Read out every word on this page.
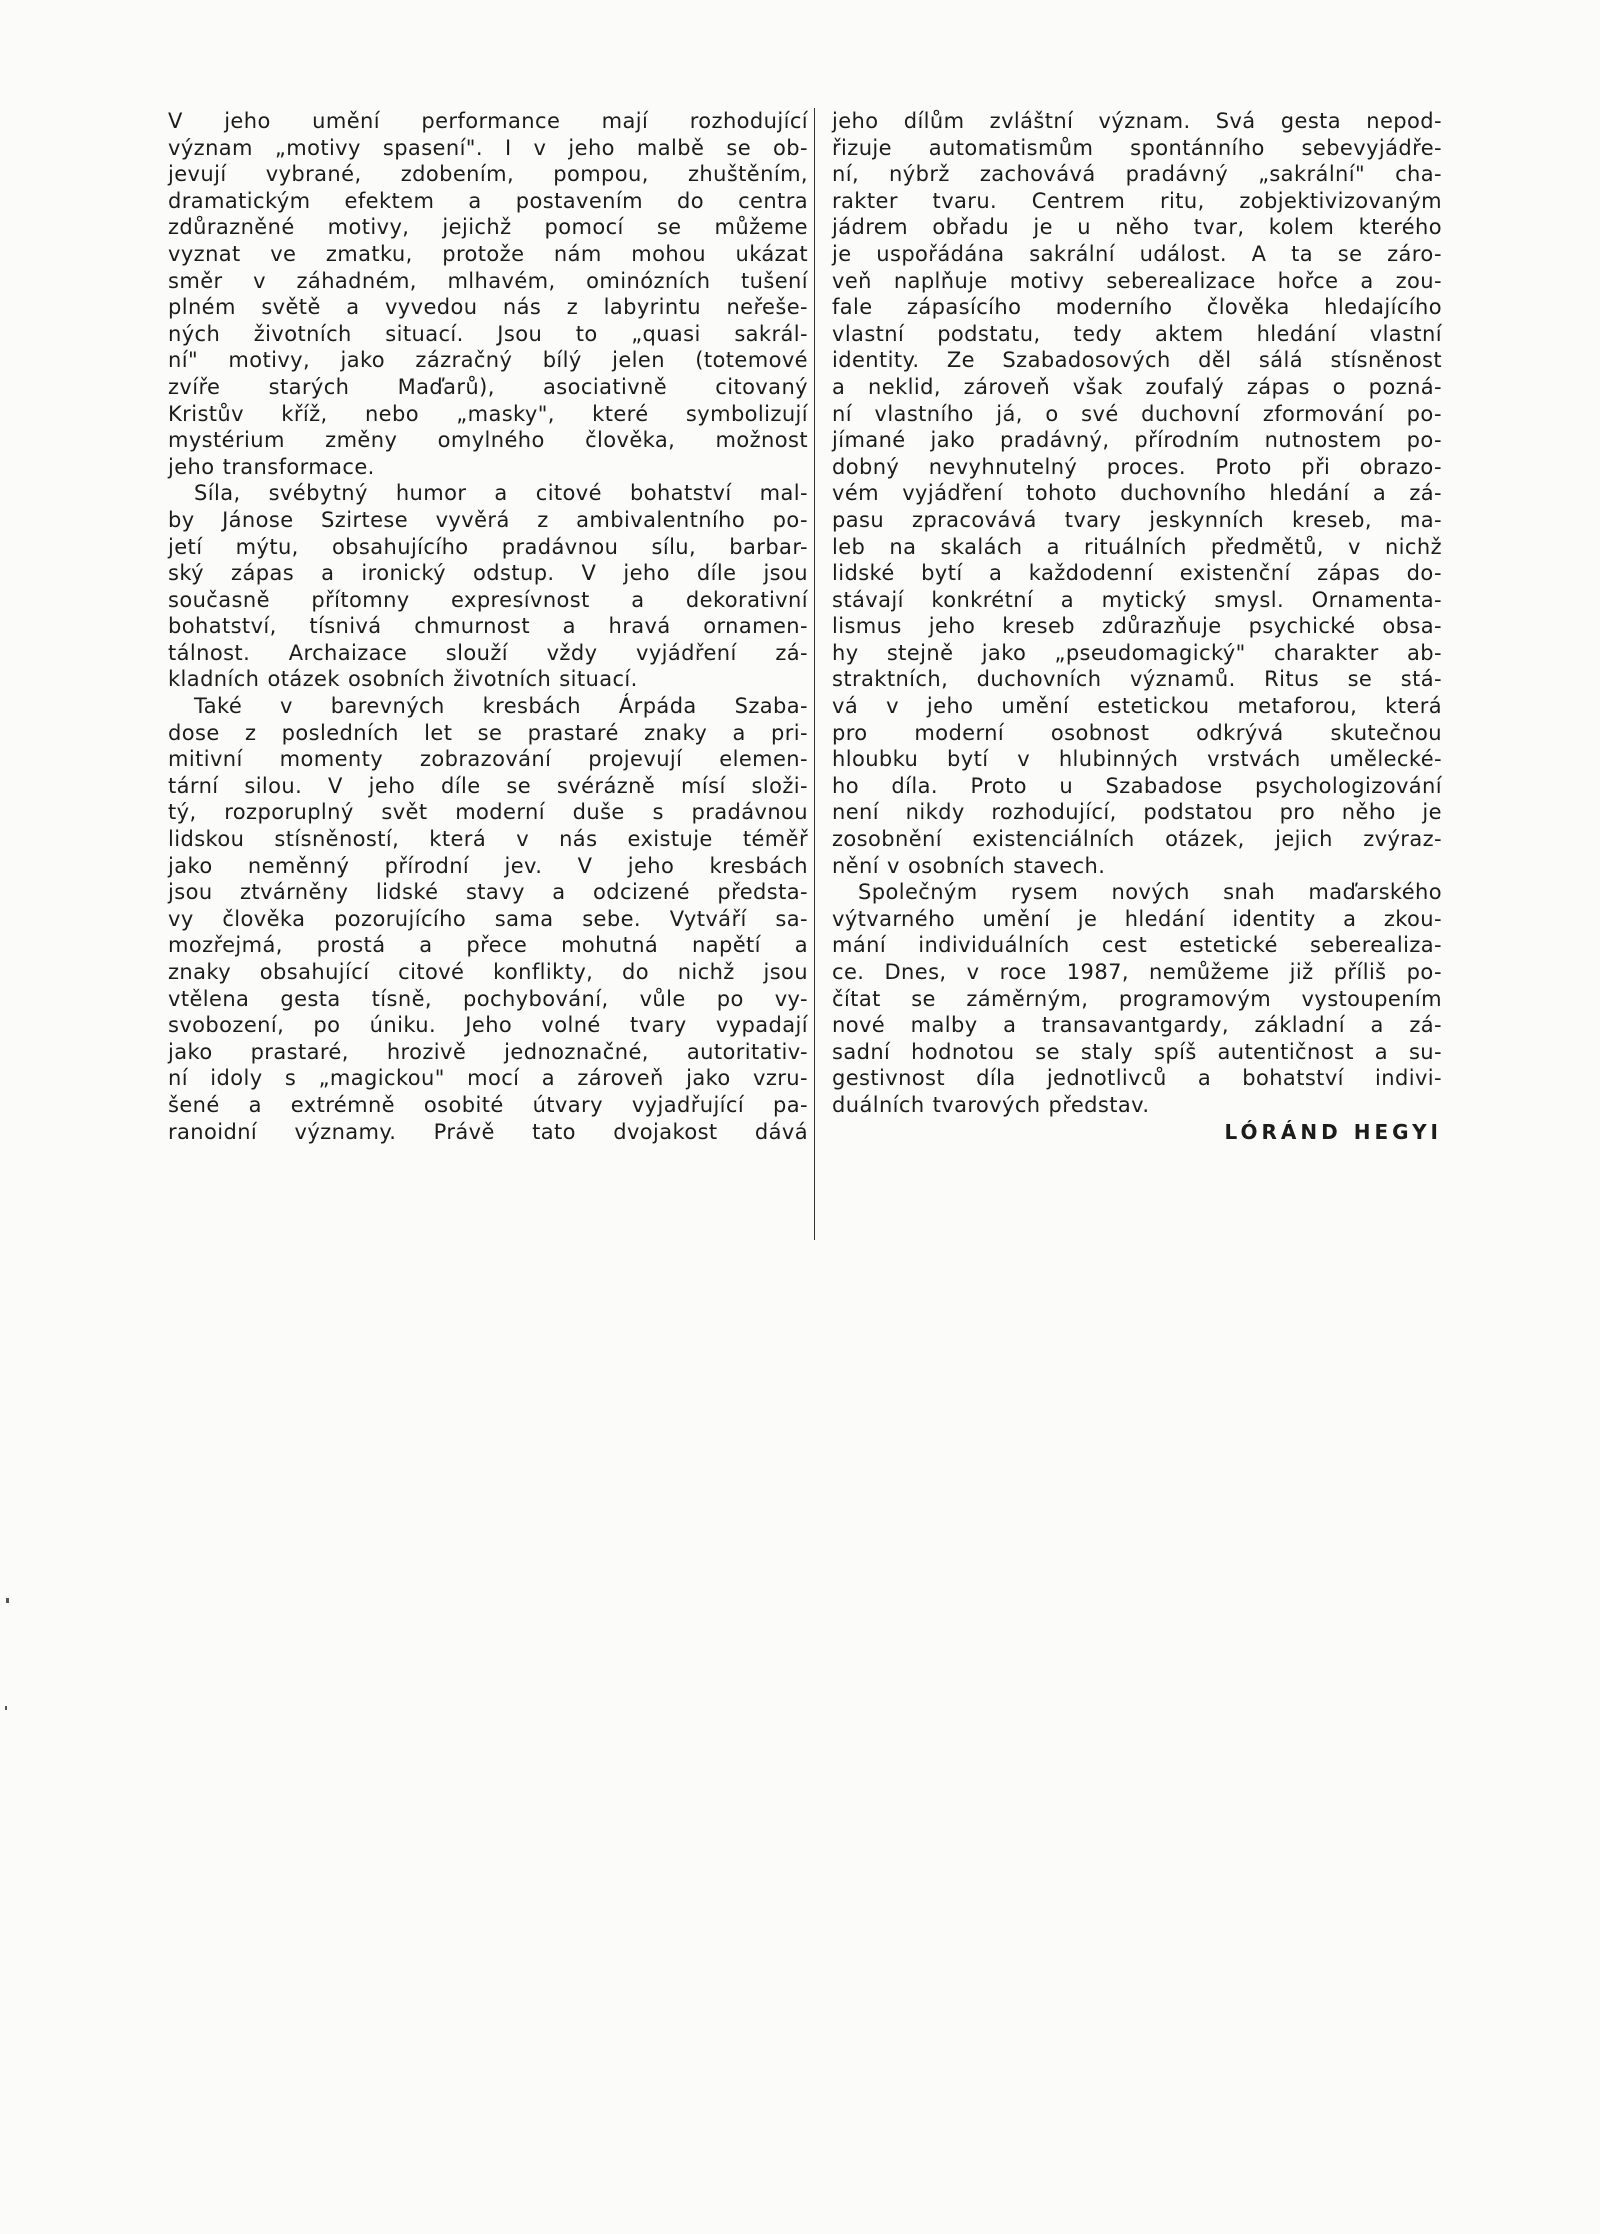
V jeho umění performance mají rozhodující
význam „motivy spasení". I v jeho malbě se ob-
jevují vybrané, zdobením, pompou, zhuštěním,
dramatickým efektem a postavením do centra
zdůrazněné motivy, jejichž pomocí se můžeme
vyznat ve zmatku, protože nám mohou ukázat
směr v záhadném, mlhavém, ominózních tušení
plném světě a vyvedou nás z labyrintu neřeše-
ných životních situací. Jsou to „quasi sakrál-
ní" motivy, jako zázračný bílý jelen (totemové
zvíře starých Maďarů), asociativně citovaný
Kristův kříž, nebo „masky", které symbolizují
mystérium změny omylného člověka, možnost
jeho transformace.
Síla, svébytný humor a citové bohatství mal-
by Jánose Szirtese vyvěrá z ambivalentního po-
jetí mýtu, obsahujícího pradávnou sílu, barbar-
ský zápas a ironický odstup. V jeho díle jsou
současně přítomny expresívnost a dekorativní
bohatství, tísnivá chmurnost a hravá ornamen-
tálnost. Archaizace slouží vždy vyjádření zá-
kladních otázek osobních životních situací.
Také v barevných kresbách Árpáda Szaba-
dose z posledních let se prastaré znaky a pri-
mitivní momenty zobrazování projevují elemen-
tární silou. V jeho díle se svérázně mísí složi-
tý, rozporuplný svět moderní duše s pradávnou
lidskou stísněností, která v nás existuje téměř
jako neměnný přírodní jev. V jeho kresbách
jsou ztvárněny lidské stavy a odcizené předsta-
vy člověka pozorujícího sama sebe. Vytváří sa-
mozřejmá, prostá a přece mohutná napětí a
znaky obsahující citové konflikty, do nichž jsou
vtělena gesta tísně, pochybování, vůle po vy-
svobození, po úniku. Jeho volné tvary vypadají
jako prastaré, hrozivě jednoznačné, autoritativ-
ní idoly s „magickou" mocí a zároveň jako vzru-
šené a extrémně osobité útvary vyjadřující pa-
ranoidní významy. Právě tato dvojakost dává
jeho dílům zvláštní význam. Svá gesta nepod-
řizuje automatismům spontánního sebevyjádře-
ní, nýbrž zachovává pradávný „sakrální" cha-
rakter tvaru. Centrem ritu, zobjektivizovaným
jádrem obřadu je u něho tvar, kolem kterého
je uspořádána sakrální událost. A ta se záro-
veň naplňuje motivy seberealizace hořce a zou-
fale zápasícího moderního člověka hledajícího
vlastní podstatu, tedy aktem hledání vlastní
identity. Ze Szabadosových děl sálá stísněnost
a neklid, zároveň však zoufalý zápas o pozná-
ní vlastního já, o své duchovní zformování po-
jímané jako pradávný, přírodním nutnostem po-
dobný nevyhnutelný proces. Proto při obrazo-
vém vyjádření tohoto duchovního hledání a zá-
pasu zpracovává tvary jeskynních kreseb, ma-
leb na skalách a rituálních předmětů, v nichž
lidské bytí a každodenní existenční zápas do-
stávají konkrétní a mytický smysl. Ornamenta-
lismus jeho kreseb zdůrazňuje psychické obsa-
hy stejně jako „pseudomagický" charakter ab-
straktních, duchovních významů. Ritus se stá-
vá v jeho umění estetickou metaforou, která
pro moderní osobnost odkrývá skutečnou
hloubku bytí v hlubinných vrstvách umělecké-
ho díla. Proto u Szabadose psychologizování
není nikdy rozhodující, podstatou pro něho je
zosobnění existenciálních otázek, jejich zvýraz-
nění v osobních stavech.
Společným rysem nových snah maďarského
výtvarného umění je hledání identity a zkou-
mání individuálních cest estetické seberealiza-
ce. Dnes, v roce 1987, nemůžeme již příliš po-
čítat se záměrným, programovým vystoupením
nové malby a transavantgardy, základní a zá-
sadní hodnotou se staly spíš autentičnost a su-
gestivnost díla jednotlivců a bohatství indivi-
duálních tvarových představ.
LÓRÁND HEGYI
